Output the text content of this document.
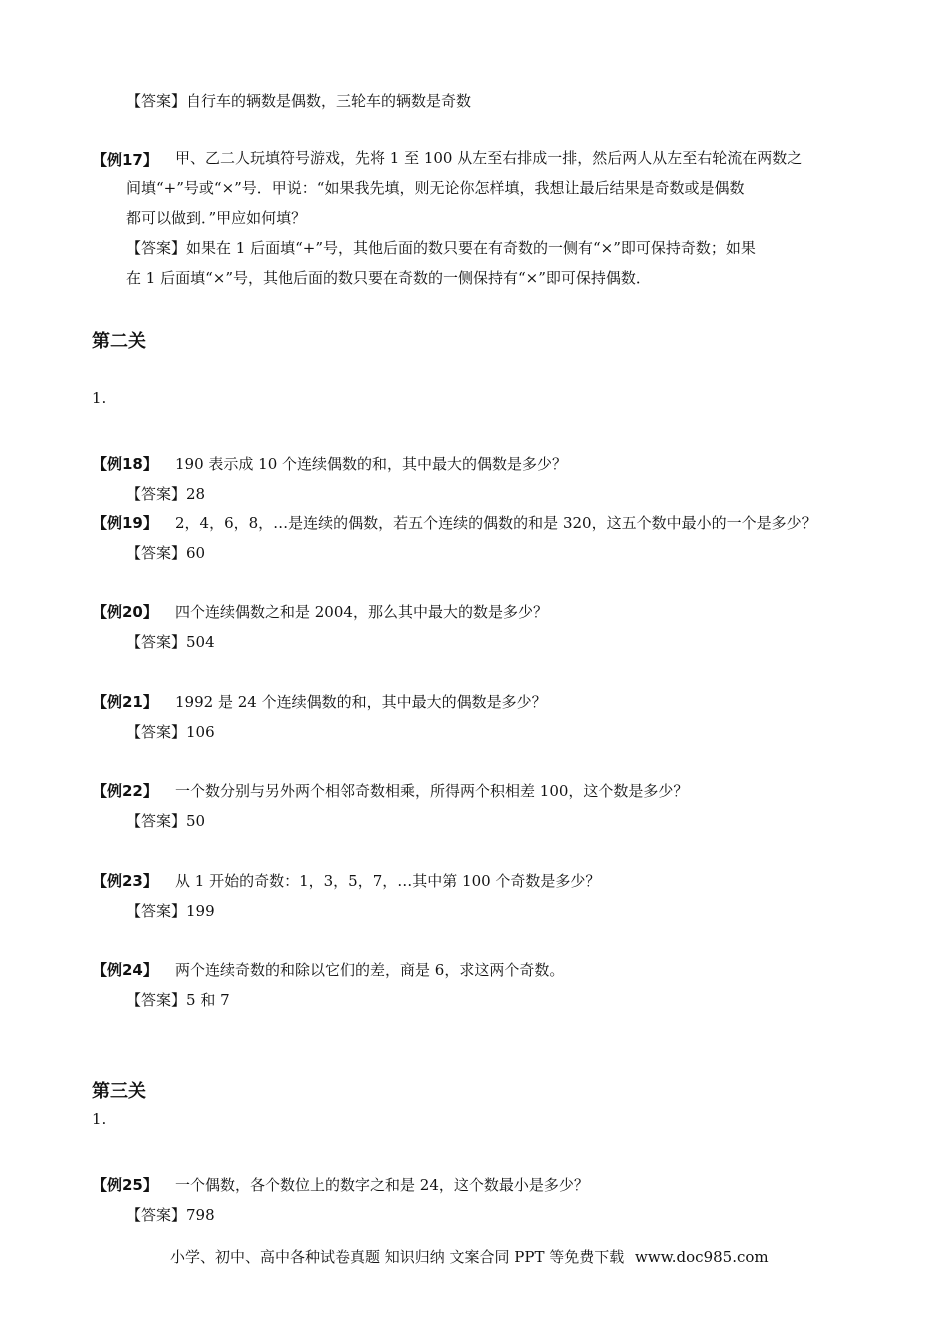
【答案】自行车的辆数是偶数，三轮车的辆数是奇数
【例17】 甲、乙二人玩填符号游戏，先将 1 至 100 从左至右排成一排，然后两人从左至右轮流在两数之
间填“+”号或“×”号．甲说：“如果我先填，则无论你怎样填，我想让最后结果是奇数或是偶数
都可以做到．”甲应如何填？
【答案】如果在 1 后面填“+”号，其他后面的数只要在有奇数的一侧有“×”即可保持奇数；如果
在 1 后面填“×”号，其他后面的数只要在奇数的一侧保持有“×”即可保持偶数．
第二关
1.
【例18】 190 表示成 10 个连续偶数的和，其中最大的偶数是多少？
【答案】28
【例19】 2，4，6，8，…是连续的偶数，若五个连续的偶数的和是 320，这五个数中最小的一个是多少？
【答案】60
【例20】 四个连续偶数之和是 2004，那么其中最大的数是多少？
【答案】504
【例21】 1992 是 24 个连续偶数的和，其中最大的偶数是多少？
【答案】106
【例22】 一个数分别与另外两个相邻奇数相乘，所得两个积相差 100，这个数是多少？
【答案】50
【例23】 从 1 开始的奇数：1，3，5，7，…其中第 100 个奇数是多少？
【答案】199
【例24】 两个连续奇数的和除以它们的差，商是 6，求这两个奇数。
【答案】5 和 7
第三关
1.
【例25】 一个偶数，各个数位上的数字之和是 24，这个数最小是多少？
【答案】798
小学、初中、高中各种试卷真题 知识归纳 文案合同 PPT 等免费下载 www.doc985.com
